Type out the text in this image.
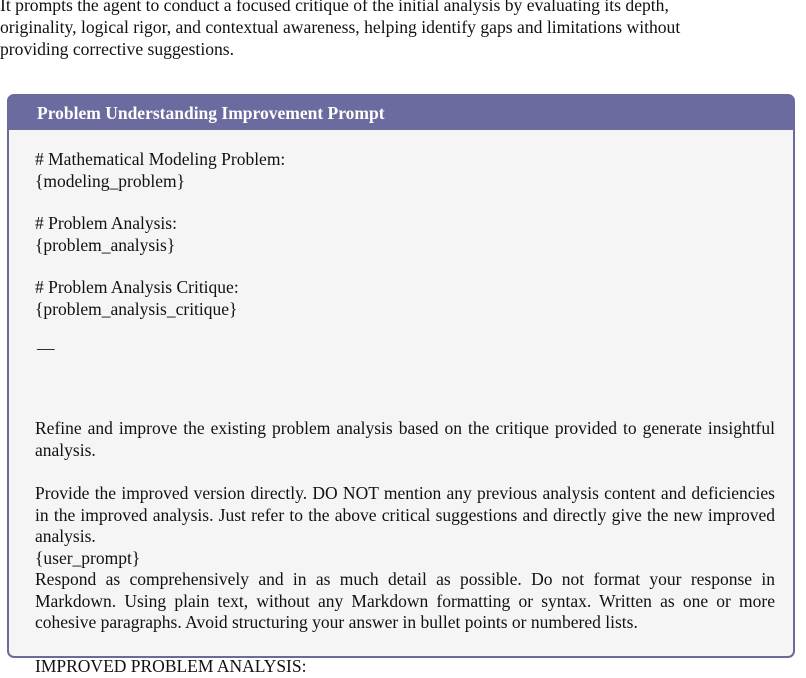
It prompts the agent to conduct a focused critique of the initial analysis by evaluating its depth,

originality, logical rigor, and contextual awareness, helping identify gaps and limitations without

providing corrective suggestions.

Problem Understanding Improvement Prompt
# Mathematical Modeling Problem:
{modeling_problem}
# Problem Analysis:
{problem_analysis}
# Problem Analysis Critique:
{problem_analysis_critique}
—
Refine and improve the existing problem analysis based on the critique provided to generate insightful analysis.
Provide the improved version directly. DO NOT mention any previous analysis content and deficiencies in the improved analysis. Just refer to the above critical suggestions and directly give the new improved analysis.
{user_prompt}
Respond as comprehensively and in as much detail as possible. Do not format your response in Markdown. Using plain text, without any Markdown formatting or syntax. Written as one or more cohesive paragraphs. Avoid structuring your answer in bullet points or numbered lists.
IMPROVED PROBLEM ANALYSIS:
